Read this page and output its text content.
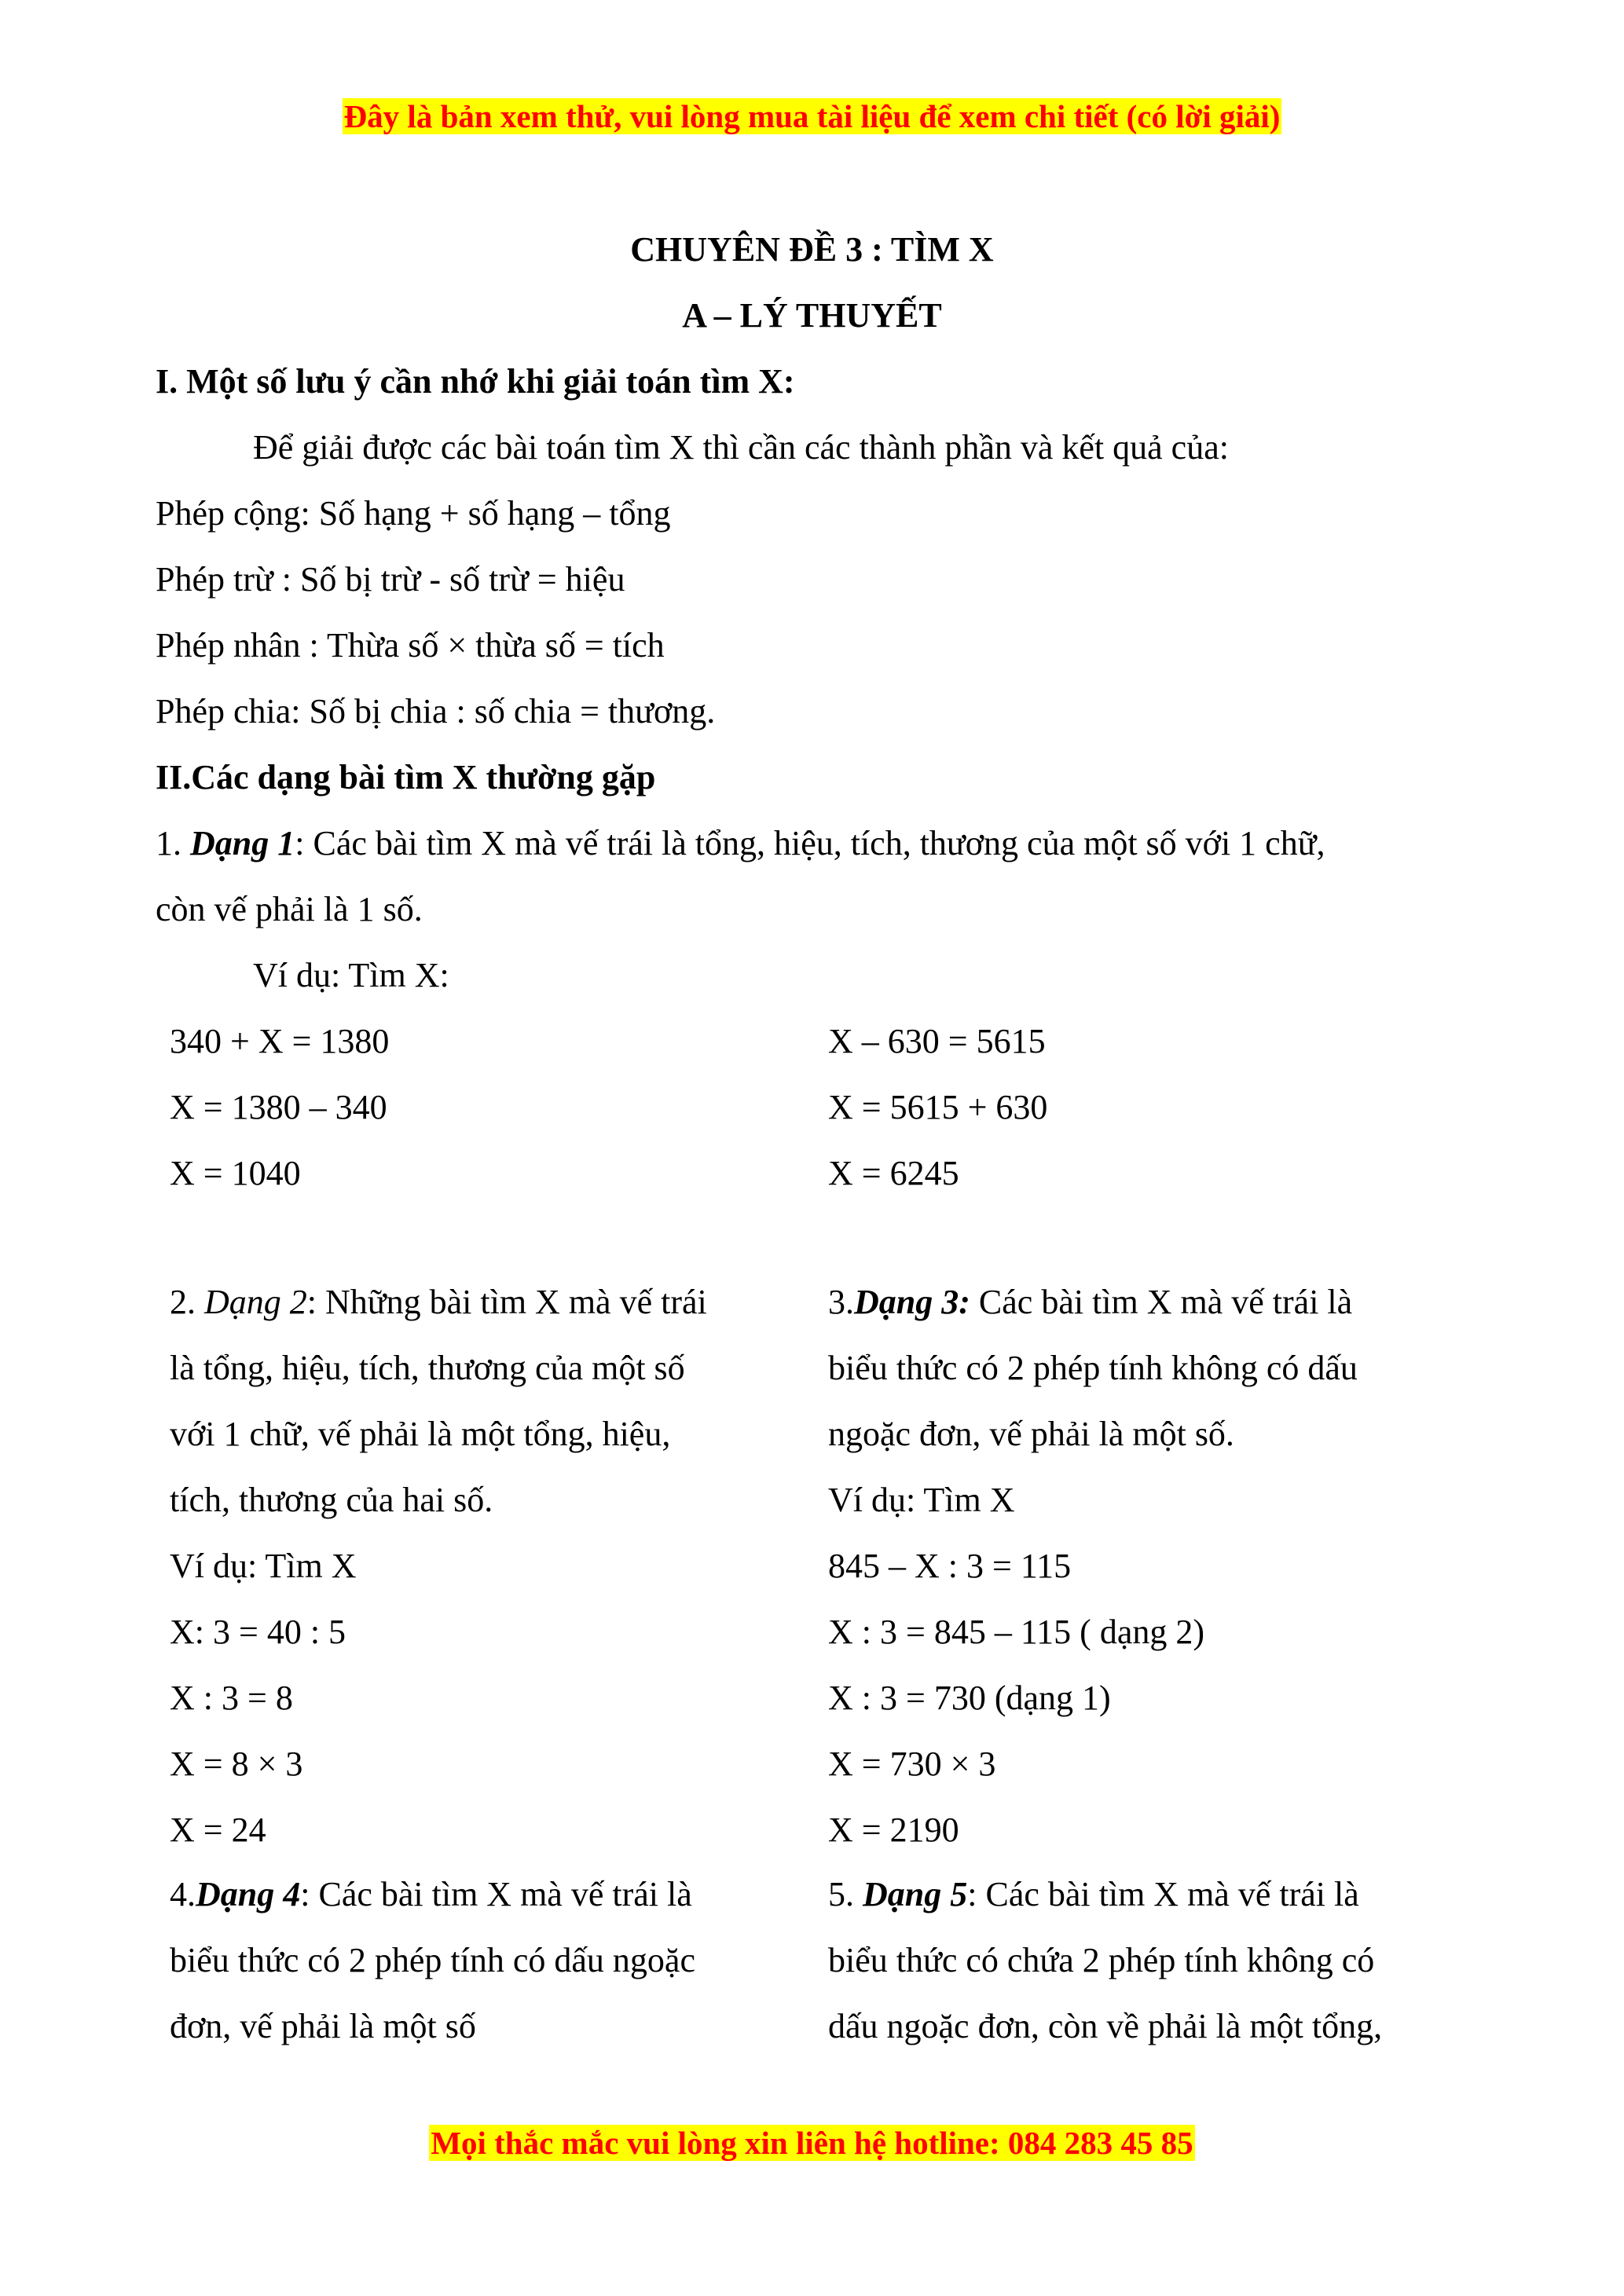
Đây là bản xem thử, vui lòng mua tài liệu để xem chi tiết (có lời giải)
CHUYÊN ĐỀ 3 : TÌM X
A – LÝ THUYẾT
I. Một số lưu ý cần nhớ khi giải toán tìm X:
Để giải được các bài toán tìm X thì cần các thành phần và kết quả của:
Phép cộng: Số hạng + số hạng – tổng
Phép trừ : Số bị trừ - số trừ = hiệu
Phép nhân : Thừa số × thừa số = tích
Phép chia: Số bị chia : số chia = thương.
II.Các dạng bài tìm X thường gặp
1. Dạng 1: Các bài tìm X mà vế trái là tổng, hiệu, tích, thương của một số với 1 chữ,
còn vế phải là 1 số.
Ví dụ: Tìm X:
340 + X = 1380
X = 1380 – 340
X = 1040
X – 630 = 5615
X = 5615 + 630
X = 6245
2. Dạng 2: Những bài tìm X mà vế trái
là tổng, hiệu, tích, thương của một số
với 1 chữ, vế phải là một tổng, hiệu,
tích, thương của hai số.
Ví dụ: Tìm X
X: 3 = 40 : 5
X : 3 = 8
X = 8 × 3
X = 24
3.Dạng 3: Các bài tìm X mà vế trái là
biểu thức có 2 phép tính không có dấu
ngoặc đơn, vế phải là một số.
Ví dụ: Tìm X
845 – X : 3 = 115
X : 3 = 845 – 115 ( dạng 2)
X : 3 = 730 (dạng 1)
X = 730 × 3
X = 2190
4.Dạng 4: Các bài tìm X mà vế trái là
biểu thức có 2 phép tính có dấu ngoặc
đơn, vế phải là một số
5. Dạng 5: Các bài tìm X mà vế trái là
biểu thức có chứa 2 phép tính không có
dấu ngoặc đơn, còn về phải là một tổng,
Mọi thắc mắc vui lòng xin liên hệ hotline: 084 283 45 85
